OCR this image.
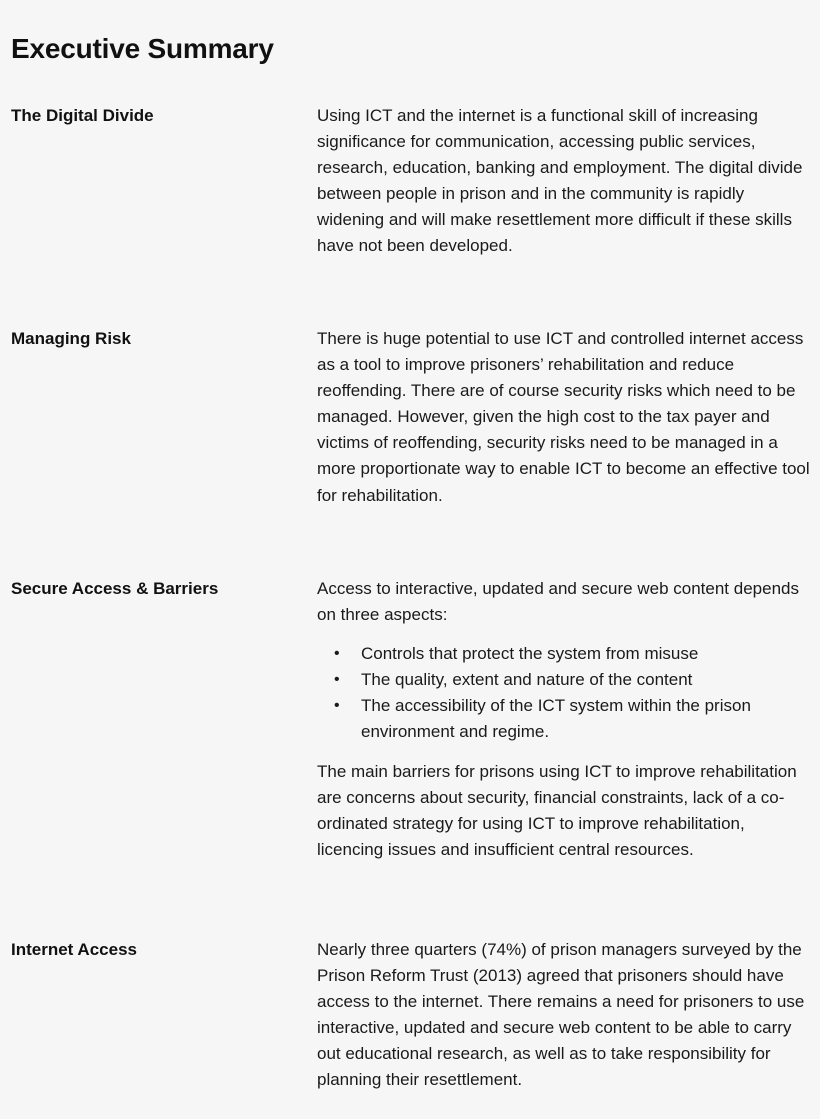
Executive Summary
The Digital Divide	Using ICT and the internet is a functional skill of increasing significance for communication, accessing public services, research, education, banking and employment. The digital divide between people in prison and in the community is rapidly widening and will make resettlement more difficult if these skills have not been developed.

Managing Risk	There is huge potential to use ICT and controlled internet access as a tool to improve prisoners’ rehabilitation and reduce reoffending. There are of course security risks which need to be managed. However, given the high cost to the tax payer and victims of reoffending, security risks need to be managed in a more proportionate way to enable ICT to become an effective tool for rehabilitation.

Secure Access & Barriers	Access to interactive, updated and secure web content depends on three aspects:

• Controls that protect the system from misuse
• The quality, extent and nature of the content
• The accessibility of the ICT system within the prison environment and regime.

The main barriers for prisons using ICT to improve rehabilitation are concerns about security, financial constraints, lack of a co-ordinated strategy for using ICT to improve rehabilitation, licencing issues and insufficient central resources.

Internet Access	Nearly three quarters (74%) of prison managers surveyed by the Prison Reform Trust (2013) agreed that prisoners should have access to the internet. There remains a need for prisoners to use interactive, updated and secure web content to be able to carry out educational research, as well as to take responsibility for planning their resettlement.
